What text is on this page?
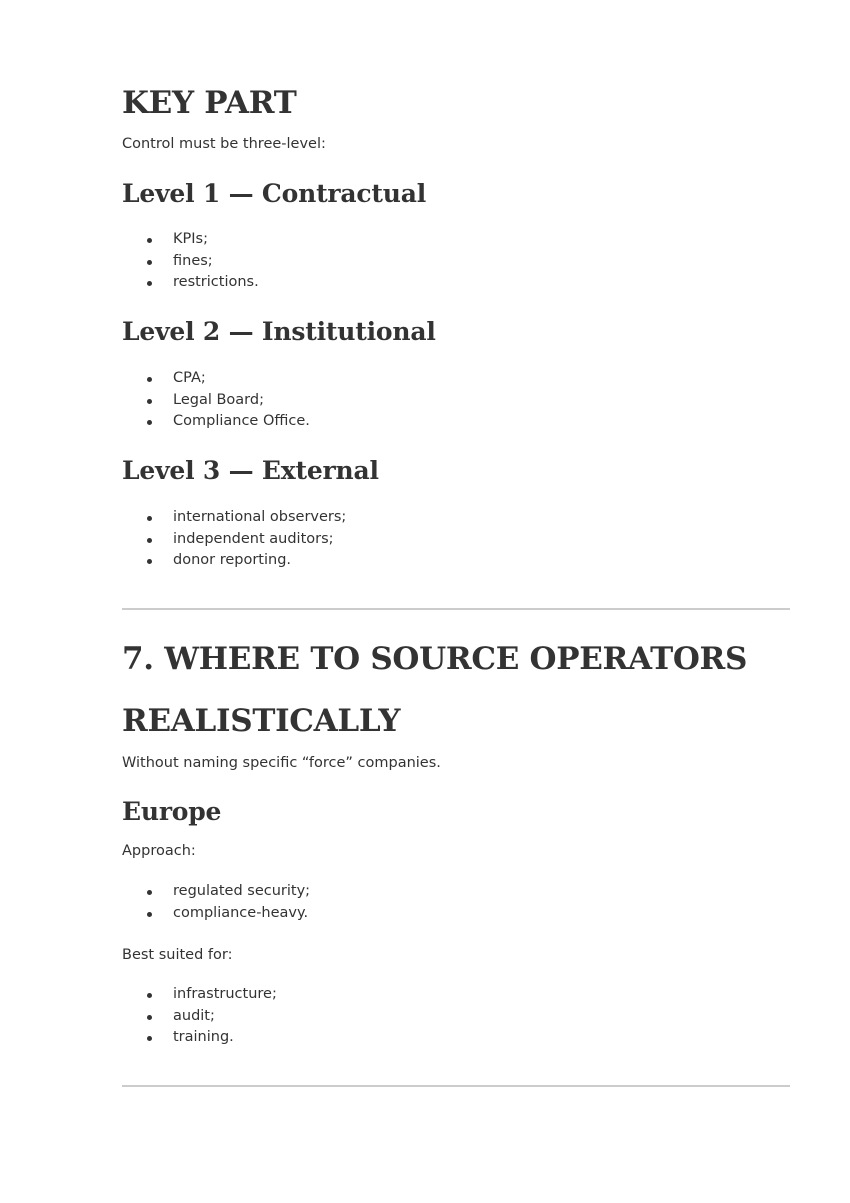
KEY PART

Control must be three-level:

Level 1 — Contractual
KPIs;
fines;
restrictions.
Level 2 — Institutional
CPA;
Legal Board;
Compliance Office.
Level 3 — External
international observers;
independent auditors;
donor reporting.
7. WHERE TO SOURCE OPERATORS
REALISTICALLY

Without naming specific “force” companies.

Europe

Approach:

regulated security;
compliance-heavy.

Best suited for:

infrastructure;
audit;
training.
